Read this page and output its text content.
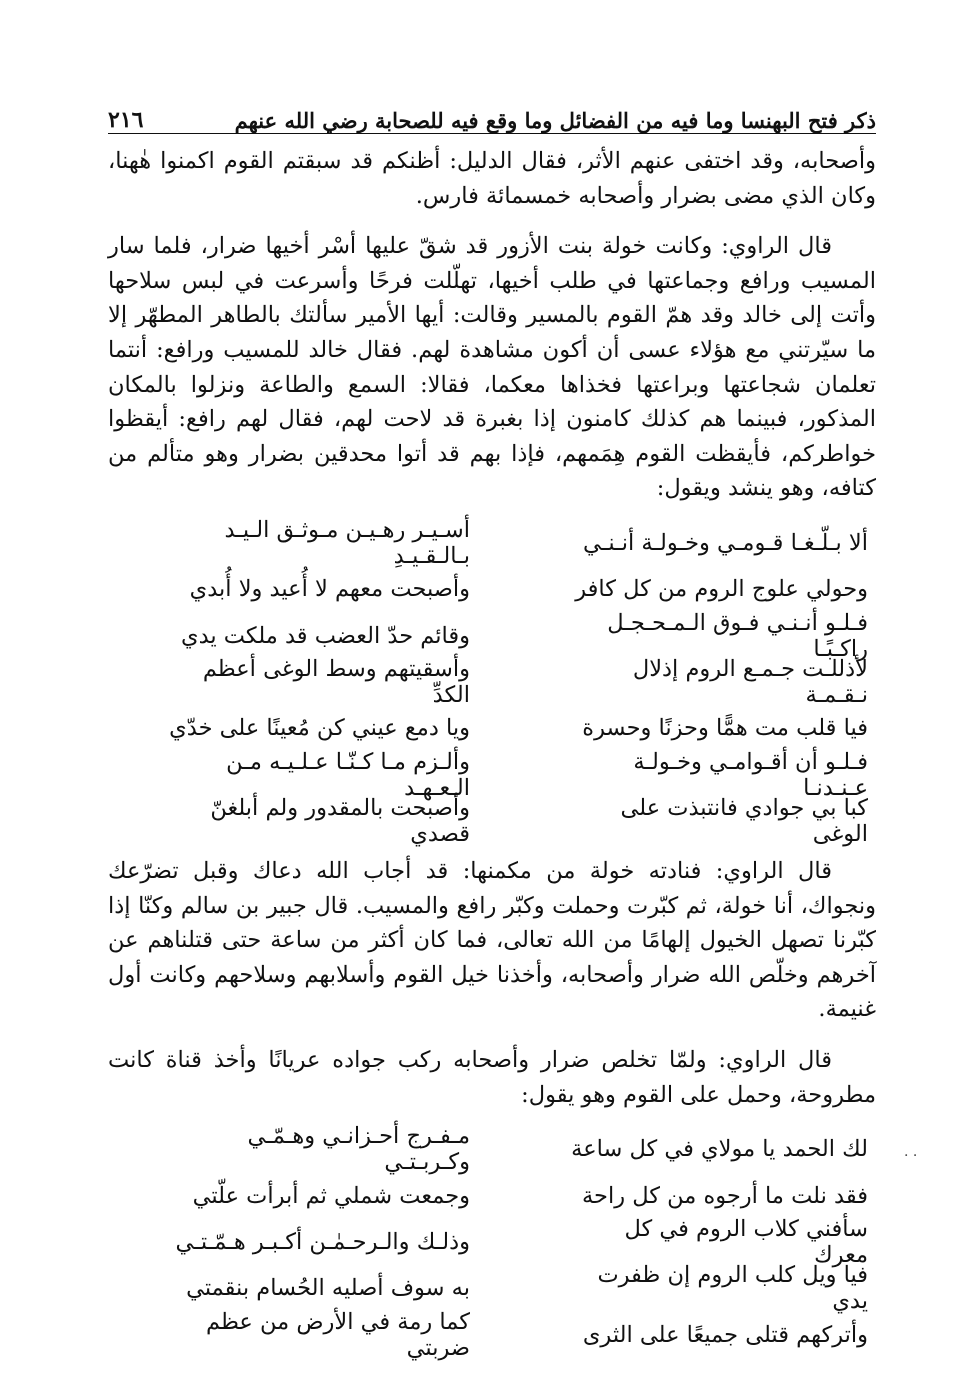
ذكر فتح البهنسا وما فيه من الفضائل وما وقع فيه للصحابة رضي الله عنهم
٢١٦

وأصحابه، وقد اختفى عنهم الأثر، فقال الدليل: أظنكم قد سبقتم القوم اكمنوا هٰهنا، وكان الذي مضى بضرار وأصحابه خمسمائة فارس.

قال الراوي: وكانت خولة بنت الأزور قد شقّ عليها أسْر أخيها ضرار، فلما سار المسيب ورافع وجماعتها في طلب أخيها، تهلّلت فرحًا وأسرعت في لبس سلاحها وأتت إلى خالد وقد همّ القوم بالمسير وقالت: أيها الأمير سألتك بالطاهر المطهّر إلا ما سيّرتني مع هؤلاء عسى أن أكون مشاهدة لهم. فقال خالد للمسيب ورافع: أنتما تعلمان شجاعتها وبراعتها فخذاها معكما، فقالا: السمع والطاعة ونزلوا بالمكان المذكور، فبينما هم كذلك كامنون إذا بغبرة قد لاحت لهم، فقال لهم رافع: أيقظوا خواطركم، فأيقظت القوم هِمَمهم، فإذا بهم قد أتوا محدقين بضرار وهو متألم من كتافه، وهو ينشد ويقول:

ألا بـلّـغـا قـومـي وخـولـة أنـنـي
أسـيـر رهـيـن مـوثـق الـيـد بـالـقـيـدِ
وحولي علوج الروم من كل كافر
وأصبحت معهم لا أُعيد ولا أُبدي
فـلـو أنـنـي فـوق الـمـحـجـل راكـبًـا
وقائم حدّ العضب قد ملكت يدي
لأذللـت جـمـع الروم إذلال نـقـمـة
وأسقيتهم وسط الوغى أعظم الكدِّ
فيا قلب مت همًّا وحزنًا وحسرة
ويا دمع عيني كن مُعينًا على خدّي
فـلـو أن أقـوامـي وخـولـة عـنـدنـا
وألـزم مـا كـنّـا عـلـيـه مـن الـعـهـد
كبا بي جوادي فانتبذت على الوغى
وأصبحت بالمقدور ولم أبلغنّ قصدي

قال الراوي: فنادته خولة من مكمنها: قد أجاب الله دعاك وقبل تضرّعك ونجواك، أنا خولة، ثم كبّرت وحملت وكبّر رافع والمسيب. قال جبير بن سالم وكنّا إذا كبّرنا تصهل الخيول إلهامًا من الله تعالى، فما كان أكثر من ساعة حتى قتلناهم عن آخرهم وخلّص الله ضرار وأصحابه، وأخذنا خيل القوم وأسلابهم وسلاحهم وكانت أول غنيمة.

قال الراوي: ولمّا تخلص ضرار وأصحابه ركب جواده عريانًا وأخذ قناة كانت مطروحة، وحمل على القوم وهو يقول:

لك الحمد يا مولاي في كل ساعة
مـفـرج أحـزانـي وهـمّـي وكـربـتـي
فقد نلت ما أرجوه من كل راحة
وجمعت شملي ثم أبرأت علّتي
سأفني كلاب الروم في كل معرك
وذلـك والـرحـمٰـن أكـبـر هـمّـتـي
فيا ويل كلب الروم إن ظفرت يدي
به سوف أصليه الحُسام بنقمتي
وأتركهم قتلى جميعًا على الثرى
كما رمة في الأرض من عظم ضربتي
· ·
